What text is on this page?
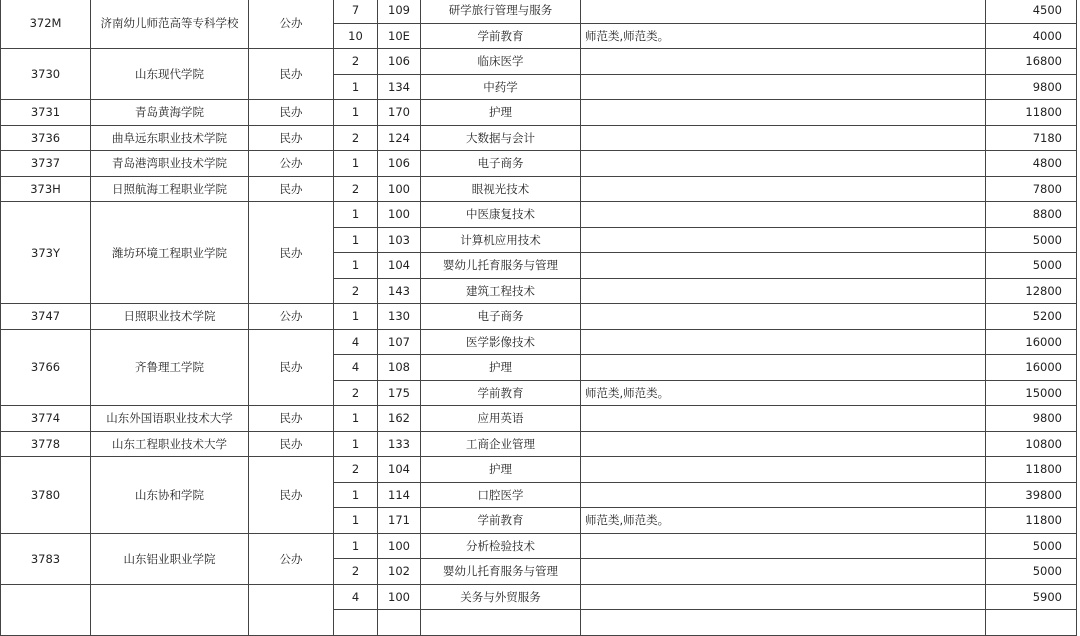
372M	济南幼儿师范高等专科学校	公办	7	109	研学旅行管理与服务		4500
			10	10E	学前教育	师范类,师范类。	4000
3730	山东现代学院	民办	2	106	临床医学		16800
			1	134	中药学		9800
3731	青岛黄海学院	民办	1	170	护理		11800
3736	曲阜远东职业技术学院	民办	2	124	大数据与会计		7180
3737	青岛港湾职业技术学院	公办	1	106	电子商务		4800
373H	日照航海工程职业学院	民办	2	100	眼视光技术		7800
373Y	潍坊环境工程职业学院	民办	1	100	中医康复技术		8800
			1	103	计算机应用技术		5000
			1	104	婴幼儿托育服务与管理		5000
			2	143	建筑工程技术		12800
3747	日照职业技术学院	公办	1	130	电子商务		5200
3766	齐鲁理工学院	民办	4	107	医学影像技术		16000
			4	108	护理		16000
			2	175	学前教育	师范类,师范类。	15000
3774	山东外国语职业技术大学	民办	1	162	应用英语		9800
3778	山东工程职业技术大学	民办	1	133	工商企业管理		10800
3780	山东协和学院	民办	2	104	护理		11800
			1	114	口腔医学		39800
			1	171	学前教育	师范类,师范类。	11800
3783	山东铝业职业学院	公办	1	100	分析检验技术		5000
			2	102	婴幼儿托育服务与管理		5000
			4	100	关务与外贸服务		5900
